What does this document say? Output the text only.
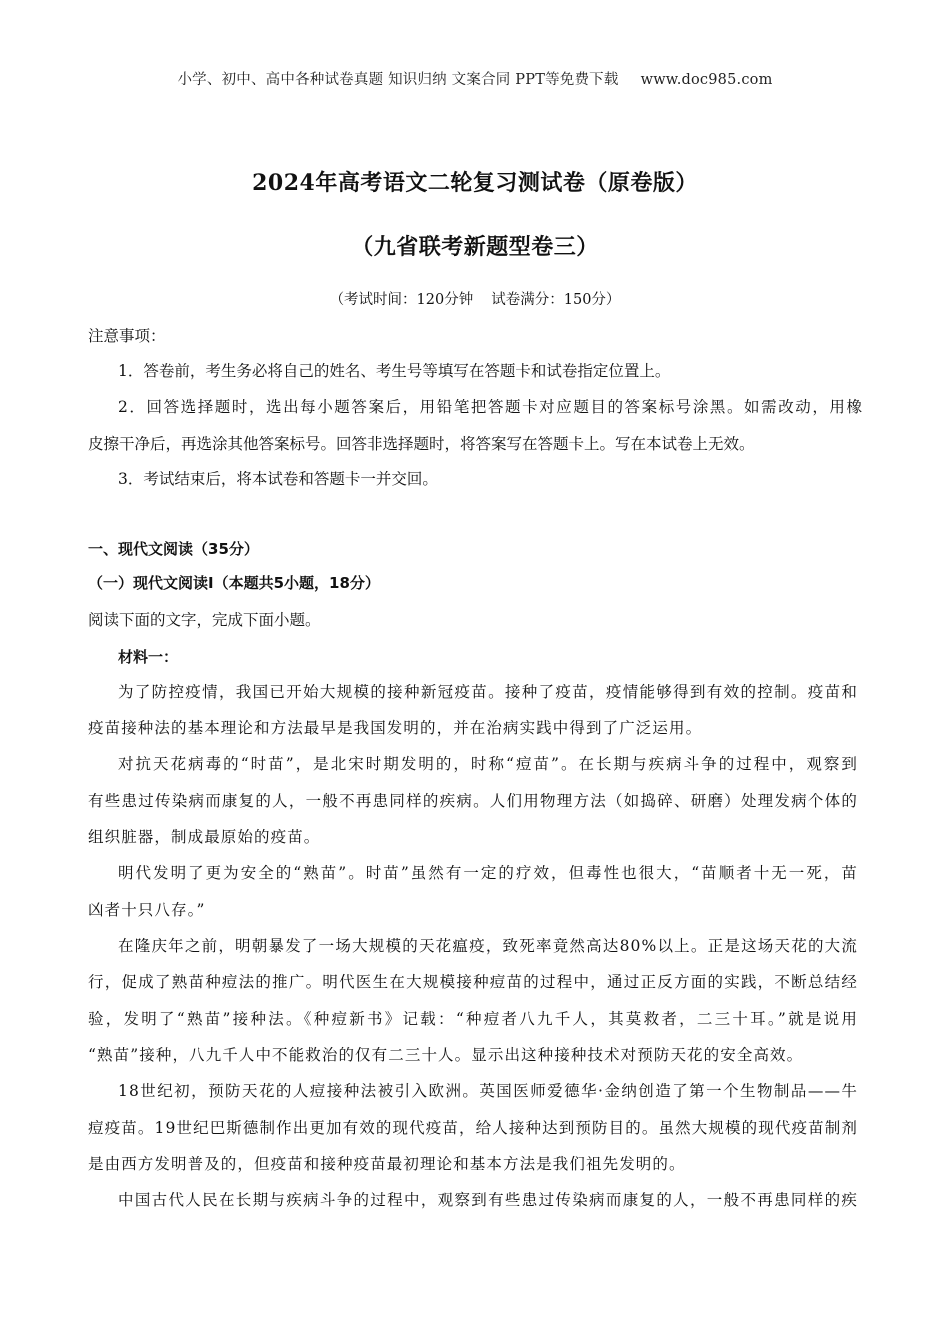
小学、初中、高中各种试卷真题 知识归纳 文案合同 PPT等免费下载 www.doc985.com
2024年高考语文二轮复习测试卷（原卷版）
（九省联考新题型卷三）
（考试时间：120分钟 试卷满分：150分）
注意事项：
1．答卷前，考生务必将自己的姓名、考生号等填写在答题卡和试卷指定位置上。
2．回答选择题时，选出每小题答案后，用铅笔把答题卡对应题目的答案标号涂黑。如需改动，用橡
皮擦干净后，再选涂其他答案标号。回答非选择题时，将答案写在答题卡上。写在本试卷上无效。
3．考试结束后，将本试卷和答题卡一并交回。
一、现代文阅读（35分）
（一）现代文阅读Ⅰ（本题共5小题，18分）
阅读下面的文字，完成下面小题。
材料一：
为了防控疫情，我国已开始大规模的接种新冠疫苗。接种了疫苗，疫情能够得到有效的控制。疫苗和
疫苗接种法的基本理论和方法最早是我国发明的，并在治病实践中得到了广泛运用。
对抗天花病毒的“时苗”，是北宋时期发明的，时称“痘苗”。在长期与疾病斗争的过程中，观察到
有些患过传染病而康复的人，一般不再患同样的疾病。人们用物理方法（如捣碎、研磨）处理发病个体的
组织脏器，制成最原始的疫苗。
明代发明了更为安全的“熟苗”。时苗”虽然有一定的疗效，但毒性也很大，“苗顺者十无一死，苗
凶者十只八存。”
在隆庆年之前，明朝暴发了一场大规模的天花瘟疫，致死率竟然高达80%以上。正是这场天花的大流
行，促成了熟苗种痘法的推广。明代医生在大规模接种痘苗的过程中，通过正反方面的实践，不断总结经
验，发明了“熟苗”接种法。《种痘新书》记载：“种痘者八九千人，其莫救者，二三十耳。”就是说用
“熟苗”接种，八九千人中不能救治的仅有二三十人。显示出这种接种技术对预防天花的安全高效。
18世纪初，预防天花的人痘接种法被引入欧洲。英国医师爱德华·金纳创造了第一个生物制品——牛
痘疫苗。19世纪巴斯德制作出更加有效的现代疫苗，给人接种达到预防目的。虽然大规模的现代疫苗制剂
是由西方发明普及的，但疫苗和接种疫苗最初理论和基本方法是我们祖先发明的。
中国古代人民在长期与疾病斗争的过程中，观察到有些患过传染病而康复的人，一般不再患同样的疾
